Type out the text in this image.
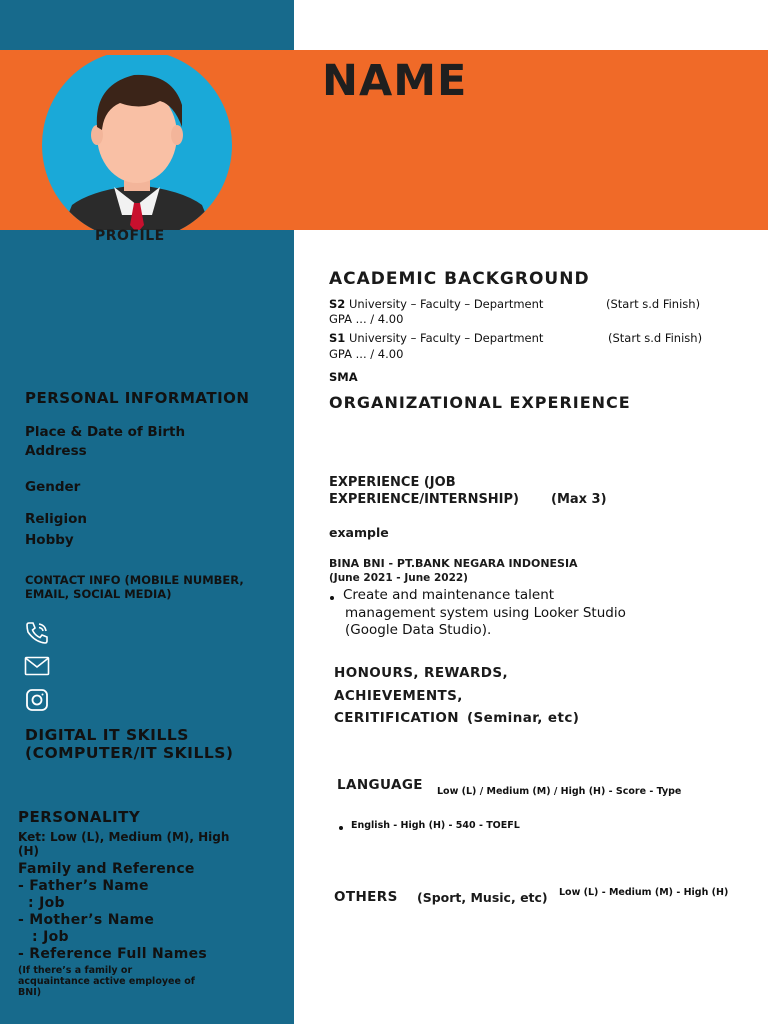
NAME
PROFILE
PERSONAL INFORMATION
Place & Date of Birth
Address
Gender
Religion
Hobby
CONTACT INFO (MOBILE NUMBER,
EMAIL, SOCIAL MEDIA)
DIGITAL IT SKILLS
(COMPUTER/IT SKILLS)
PERSONALITY
Ket: Low (L), Medium (M), High
(H)
Family and Reference
- Father’s Name
: Job
- Mother’s Name
: Job
- Reference Full Names
(If there’s a family or
acquaintance active employee of
BNI)
ACADEMIC BACKGROUND
S2 University – Faculty – Department	(Start s.d Finish)
GPA ... / 4.00
S1 University – Faculty – Department	(Start s.d Finish)
GPA ... / 4.00
SMA
ORGANIZATIONAL EXPERIENCE
EXPERIENCE (JOB
EXPERIENCE/INTERNSHIP) (Max 3)
example
BINA BNI - PT.BANK NEGARA INDONESIA
(June 2021 - June 2022)
Create and maintenance talent
management system using Looker Studio
(Google Data Studio).
HONOURS, REWARDS,
ACHIEVEMENTS,
CERITIFICATION (Seminar, etc)
LANGUAGE Low (L) / Medium (M) / High (H) - Score - Type
English - High (H) - 540 - TOEFL
OTHERS (Sport, Music, etc) Low (L) - Medium (M) - High (H)
